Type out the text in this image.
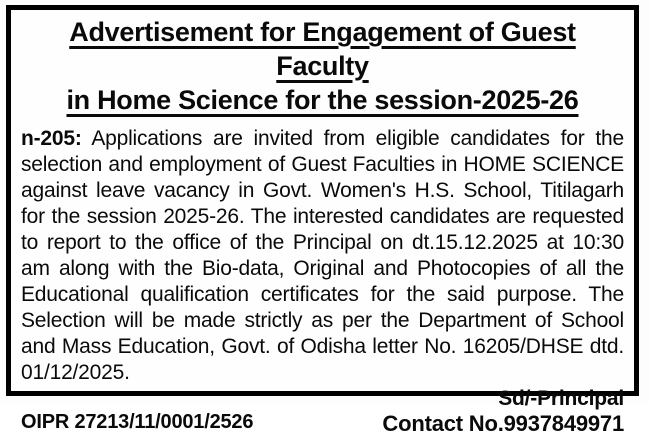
Advertisement for Engagement of Guest Faculty
in Home Science for the session-2025-26

n-205: Applications are invited from eligible candidates for the selection and employment of Guest Faculties in HOME SCIENCE against leave vacancy in Govt. Women's H.S. School, Titilagarh for the session 2025-26. The interested candidates are requested to report to the office of the Principal on dt.15.12.2025 at 10:30 am along with the Bio-data, Original and Photocopies of all the Educational qualification certificates for the said purpose. The Selection will be made strictly as per the Department of School and Mass Education, Govt. of Odisha letter No. 16205/DHSE dtd. 01/12/2025.

OIPR 27213/11/0001/2526
Sd/-Principal
Contact No.9937849971
